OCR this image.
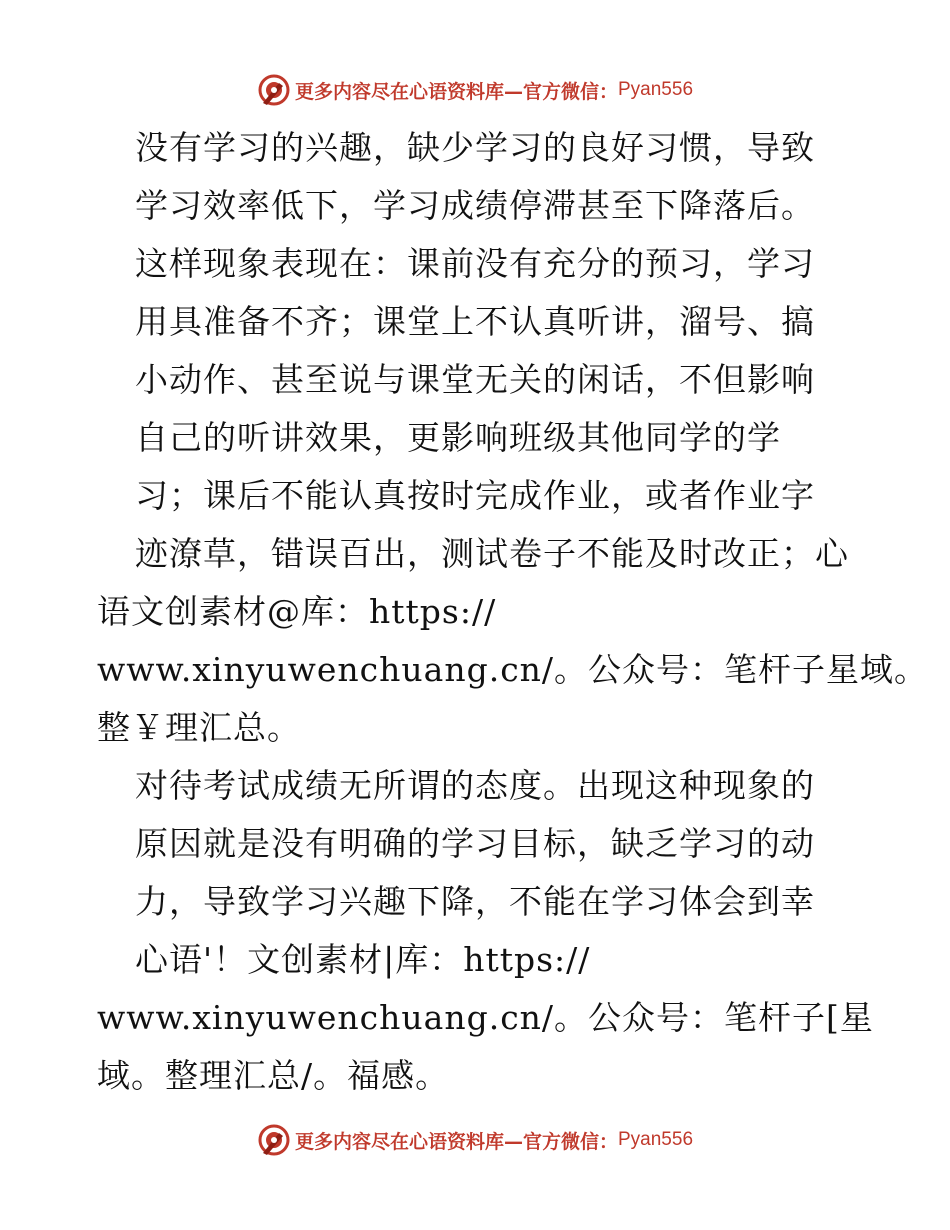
更多内容尽在心语资料库—官方微信： Pyan556
没有学习的兴趣，缺少学习的良好习惯，导致
学习效率低下，学习成绩停滞甚至下降落后。
这样现象表现在：课前没有充分的预习，学习
用具准备不齐；课堂上不认真听讲，溜号、搞
小动作、甚至说与课堂无关的闲话，不但影响
自己的听讲效果，更影响班级其他同学的学
习；课后不能认真按时完成作业，或者作业字
迹潦草，错误百出，测试卷子不能及时改正；心
语文创素材@库：https://
www.xinyuwenchuang.cn/。公众号：笔杆子星域。
整￥理汇总。
对待考试成绩无所谓的态度。出现这种现象的
原因就是没有明确的学习目标，缺乏学习的动
力，导致学习兴趣下降，不能在学习体会到幸
心语'！文创素材|库：https://
www.xinyuwenchuang.cn/。公众号：笔杆子[星
域。整理汇总/。福感。
更多内容尽在心语资料库—官方微信： Pyan556
